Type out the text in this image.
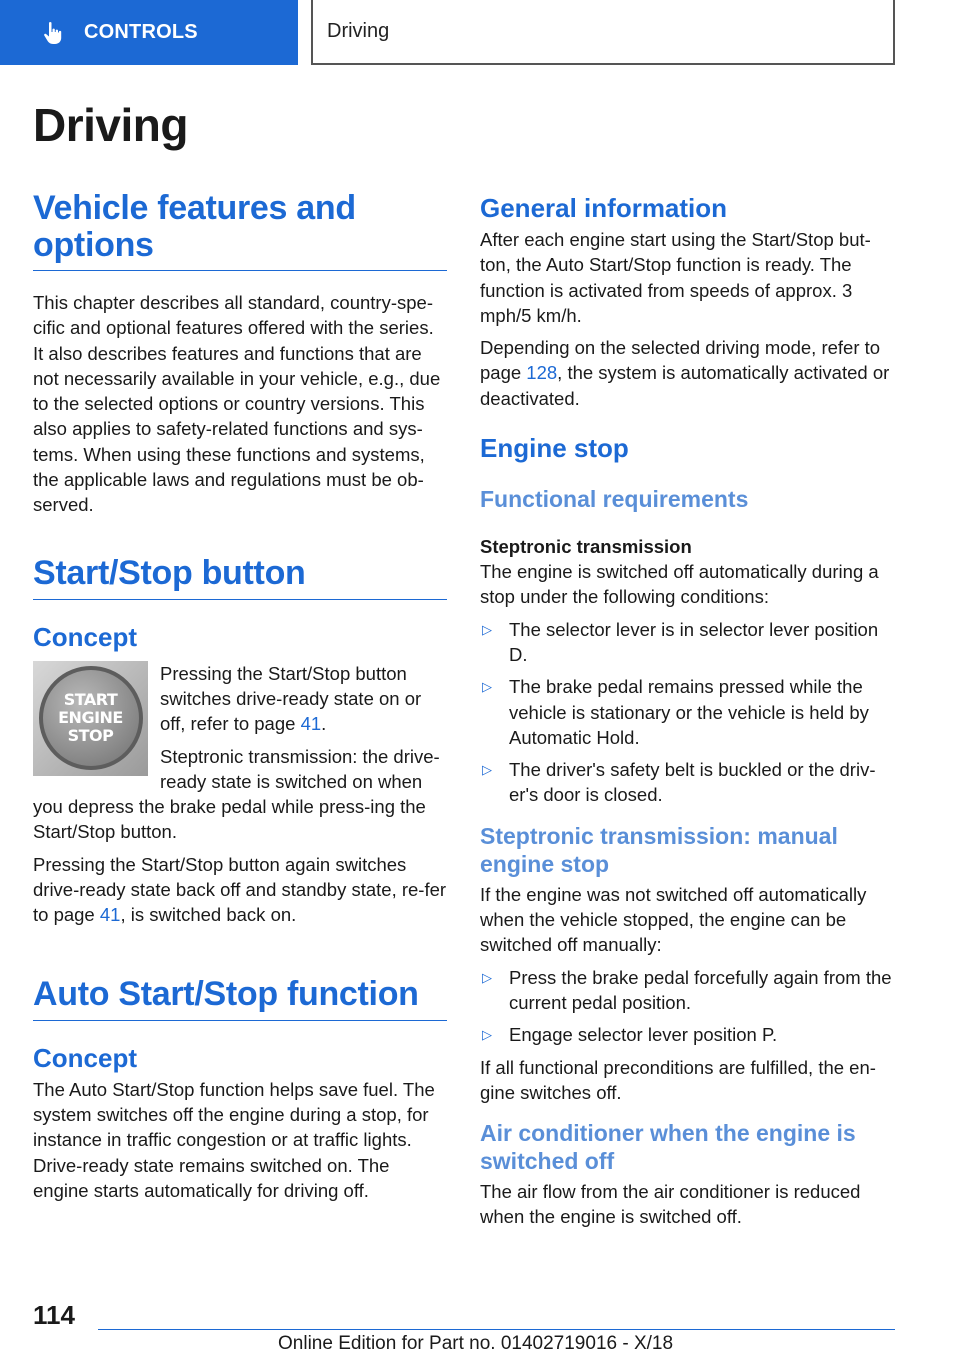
CONTROLS	Driving
Driving
Vehicle features and options

This chapter describes all standard, country-spe-cific and optional features offered with the series. It also describes features and functions that are not necessarily available in your vehicle, e.g., due to the selected options or country versions. This also applies to safety-related functions and sys-tems. When using these functions and systems, the applicable laws and regulations must be ob-served.

Start/Stop button
Concept
START ENGINE STOP

Pressing the Start/Stop button switches drive-ready state on or off, refer to page 41.

Steptronic transmission: the drive-ready state is switched on when you depress the brake pedal while press-ing the Start/Stop button.

Pressing the Start/Stop button again switches drive-ready state back off and standby state, re-fer to page 41, is switched back on.

Auto Start/Stop function
Concept

The Auto Start/Stop function helps save fuel. The system switches off the engine during a stop, for instance in traffic congestion or at traffic lights. Drive-ready state remains switched on. The engine starts automatically for driving off.

General information

After each engine start using the Start/Stop but-ton, the Auto Start/Stop function is ready. The function is activated from speeds of approx. 3 mph/5 km/h.

Depending on the selected driving mode, refer to page 128, the system is automatically activated or deactivated.

Engine stop
Functional requirements
Steptronic transmission

The engine is switched off automatically during a stop under the following conditions:

▷ The selector lever is in selector lever position D.
▷ The brake pedal remains pressed while the vehicle is stationary or the vehicle is held by Automatic Hold.
▷ The driver's safety belt is buckled or the driv-er's door is closed.
Steptronic transmission: manual engine stop

If the engine was not switched off automatically when the vehicle stopped, the engine can be switched off manually:

▷ Press the brake pedal forcefully again from the current pedal position.
▷ Engage selector lever position P.

If all functional preconditions are fulfilled, the en-gine switches off.

Air conditioner when the engine is switched off

The air flow from the air conditioner is reduced when the engine is switched off.

114
Online Edition for Part no. 01402719016 - X/18
